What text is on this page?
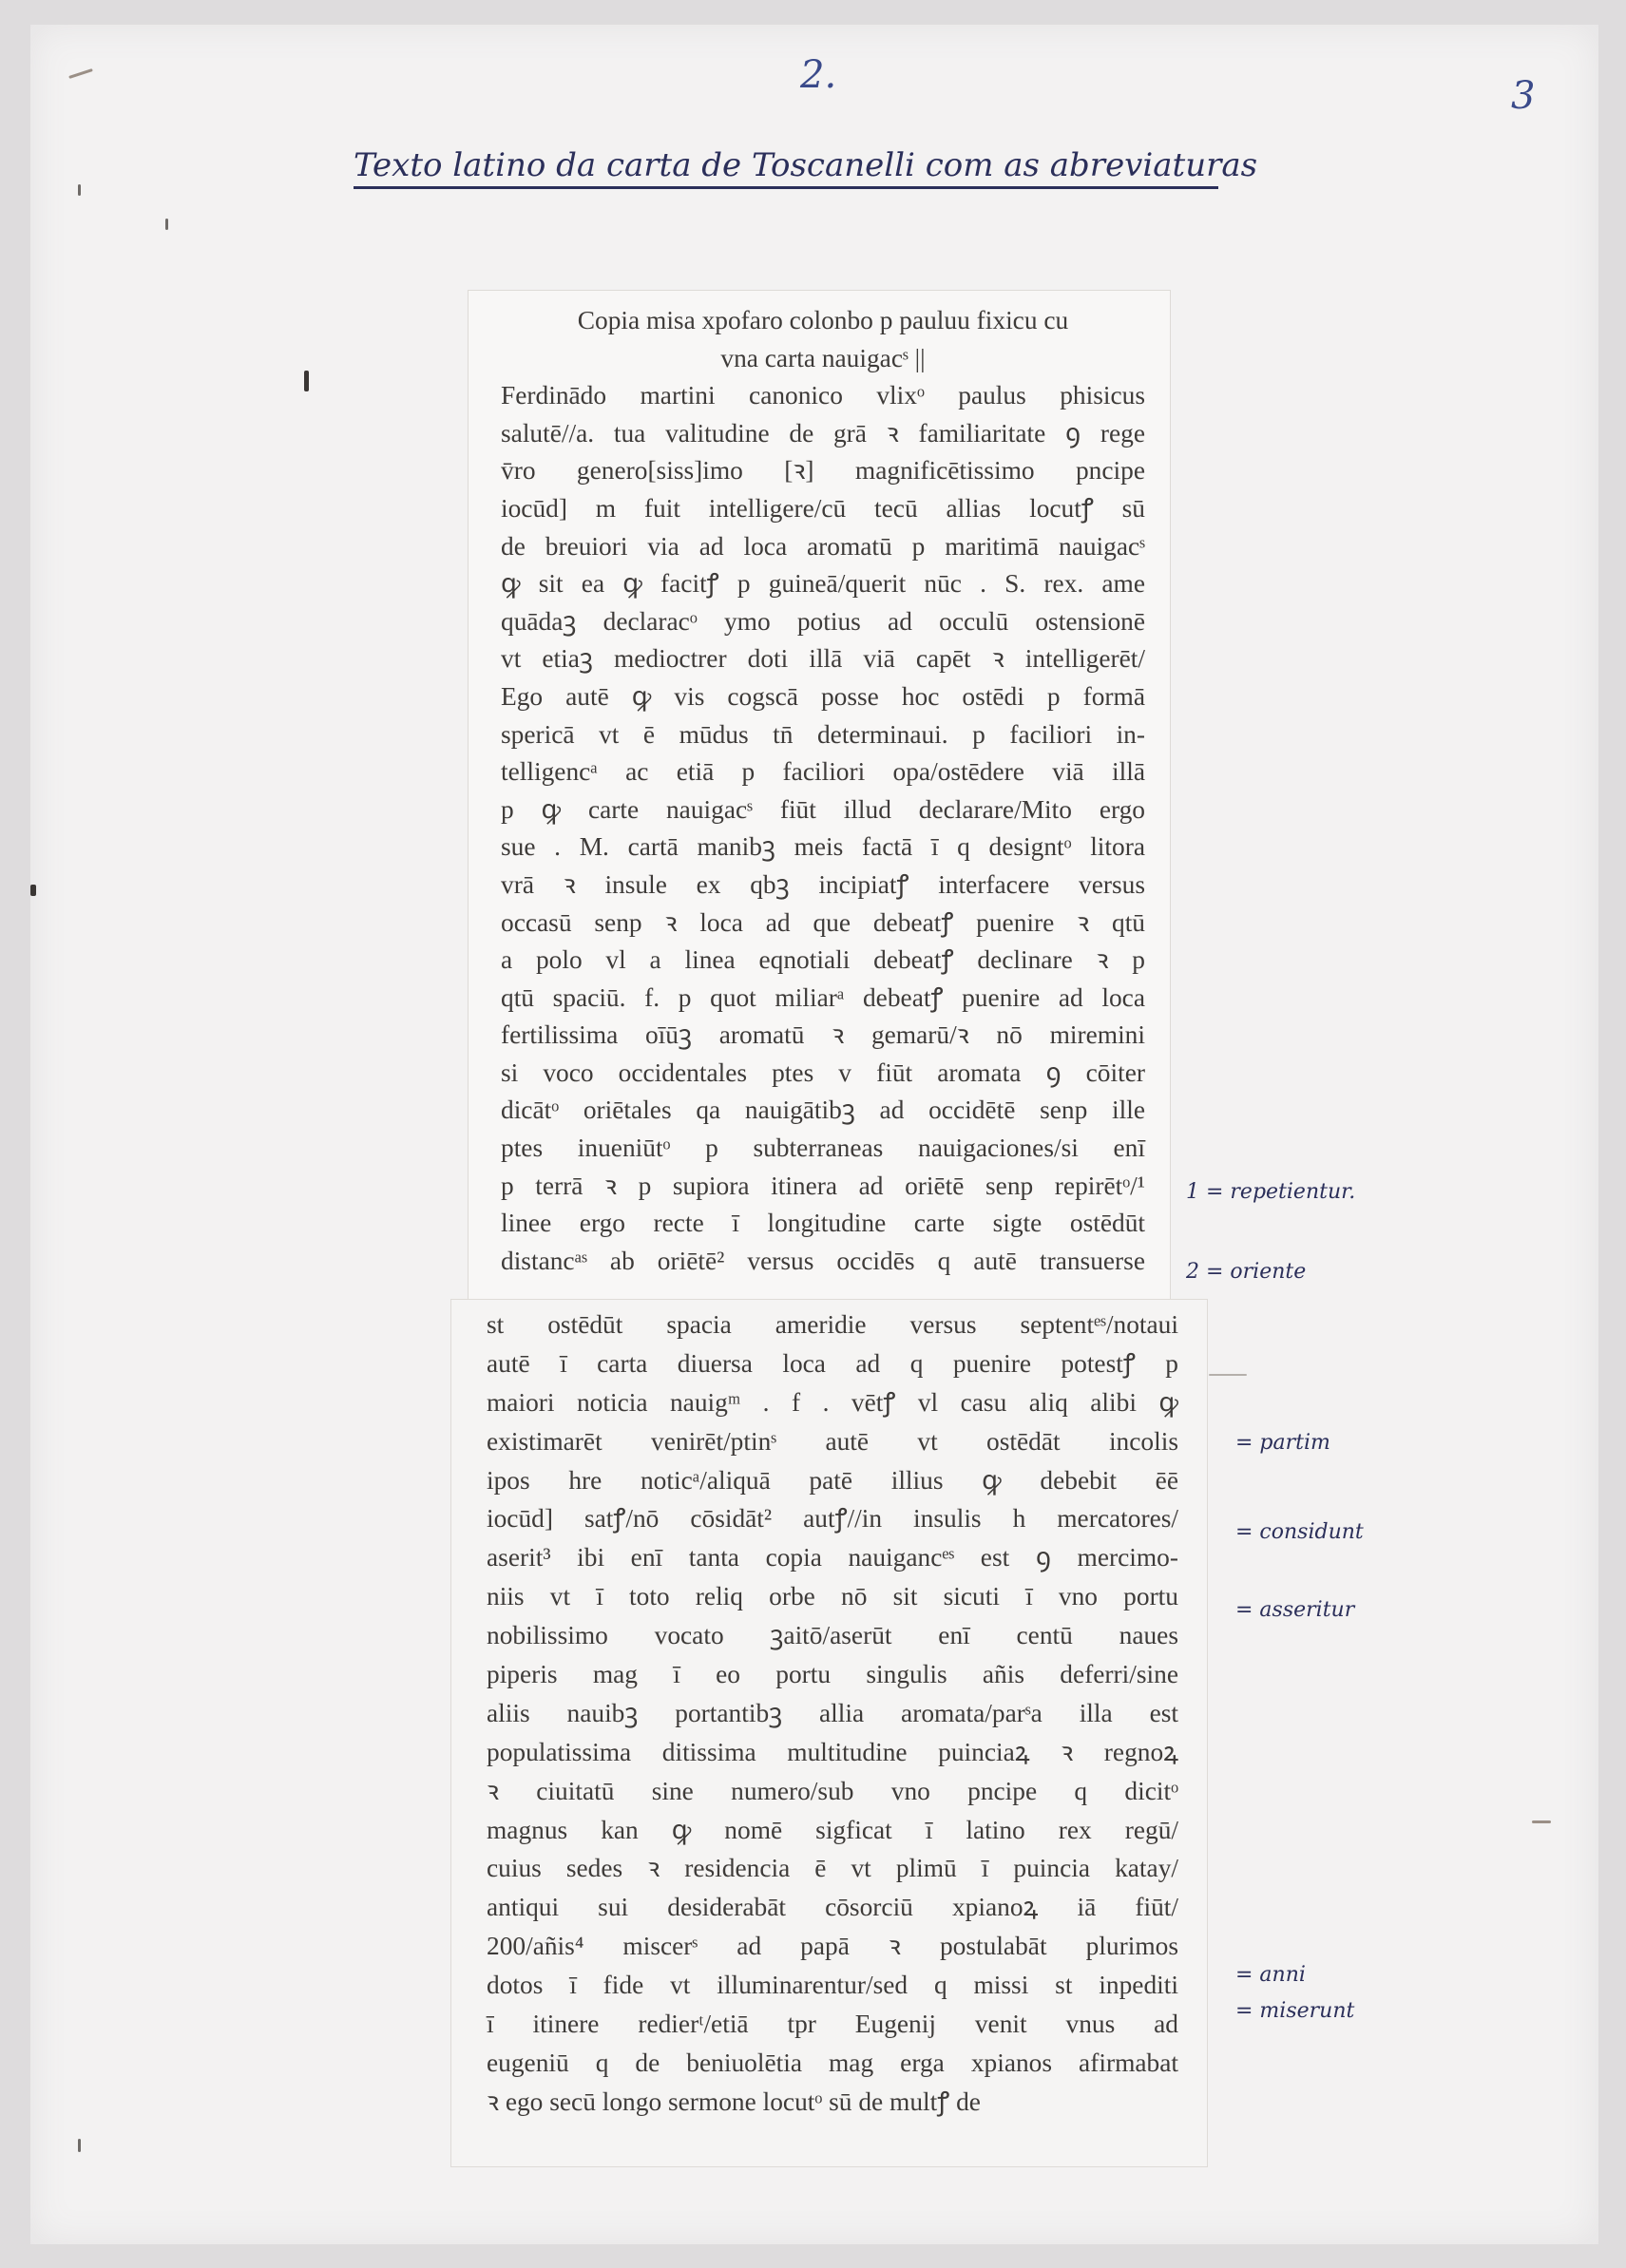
2.	3
Texto latino da carta de Toscanelli com as abreviaturas
Copia misa xpofaro colonbo p pauluu fixicu cu
vna carta nauigacˢ ||
Ferdinādo martini canonico vlixᵒ paulus phisicus
salutē//a. tua valitudine de grā ꝛ familiaritate ꝯ rege
v̄ro genero[siss]imo [ꝛ] magnificētissimo pncipe
iocūd] m fuit intelligere/cū tecū allias locutꝭ sū
de breuiori via ad loca aromatū p maritimā nauigacˢ
ꝙ sit ea ꝙ facitꝭ p guineā/querit nūc . S. rex. ame
quādaꝫ declaracᵒ ymo potius ad occulū ostensionē
vt etiaꝫ medioctrer doti illā viā capēt ꝛ intelligerēt/
Ego autē ꝙ vis cogscā posse hoc ostēdi p formā
spericā vt ē mūdus tn̄ determinaui. p faciliori in-
telligencᵃ ac etiā p faciliori opa/ostēdere viā illā
p ꝙ carte nauigacˢ fiūt illud declarare/Mito ergo
sue . M. cartā manibꝫ meis factā ī q designtᵒ litora
vrā ꝛ insule ex qbꝫ incipiatꝭ interfacere versus
occasū senp ꝛ loca ad que debeatꝭ puenire ꝛ qtū
a polo vl a linea eqnotiali debeatꝭ declinare ꝛ p
qtū spaciū. f. p quot miliarᵃ debeatꝭ puenire ad loca
fertilissima oīūꝫ aromatū ꝛ gemarū/ꝛ nō miremini
si voco occidentales ptes v fiūt aromata ꝯ cōiter
dicātᵒ oriētales qa nauigātibꝫ ad occidētē senp ille
ptes inueniūtᵒ p subterraneas nauigaciones/si enī
p terrā ꝛ p supiora itinera ad oriētē senp repirētᵒ/¹
linee ergo recte ī longitudine carte sigte ostēdūt
distancᵃˢ ab oriētē² versus occidēs q autē transuerse
st ostēdūt spacia ameridie versus septentᵉˢ/notaui
autē ī carta diuersa loca ad q puenire potestꝭ p
maiori noticia nauigᵐ . f . vētꝭ vl casu aliq alibi ꝙ
existimarēt venirēt/ptinˢ autē vt ostēdāt incolis
ipos hre noticᵃ/aliquā patē illius ꝙ debebit ēē
iocūd] satꝭ/nō cōsidāt² autꝭ//in insulis h mercatores/
aserit³ ibi enī tanta copia nauigancᵉˢ est ꝯ mercimo-
niis vt ī toto reliq orbe nō sit sicuti ī vno portu
nobilissimo vocato ꝫaitō/aserūt enī centū naues
piperis mag ī eo portu singulis añis deferri/sine
aliis nauibꝫ portantibꝫ allia aromata/parˢa illa est
populatissima ditissima multitudine puinciaꝝ ꝛ regnoꝝ
ꝛ ciuitatū sine numero/sub vno pncipe q dicitᵒ
magnus kan ꝙ nomē sigficat ī latino rex regū/
cuius sedes ꝛ residencia ē vt plimū ī puincia katay/
antiqui sui desiderabāt cōsorciū xpianoꝝ iā fiūt/
200/añis⁴ miscerˢ ad papā ꝛ postulabāt plurimos
dotos ī fide vt illuminarentur/sed q missi st inpediti
ī itinere redierᵗ/etiā tpr Eugenij venit vnus ad
eugeniū q de beniuolētia mag erga xpianos afirmabat
ꝛ ego secū longo sermone locutᵒ sū de multꝭ de
1 = repetientur.
2 = oriente
= partim
= considunt
= asseritur
= anni
= miserunt
